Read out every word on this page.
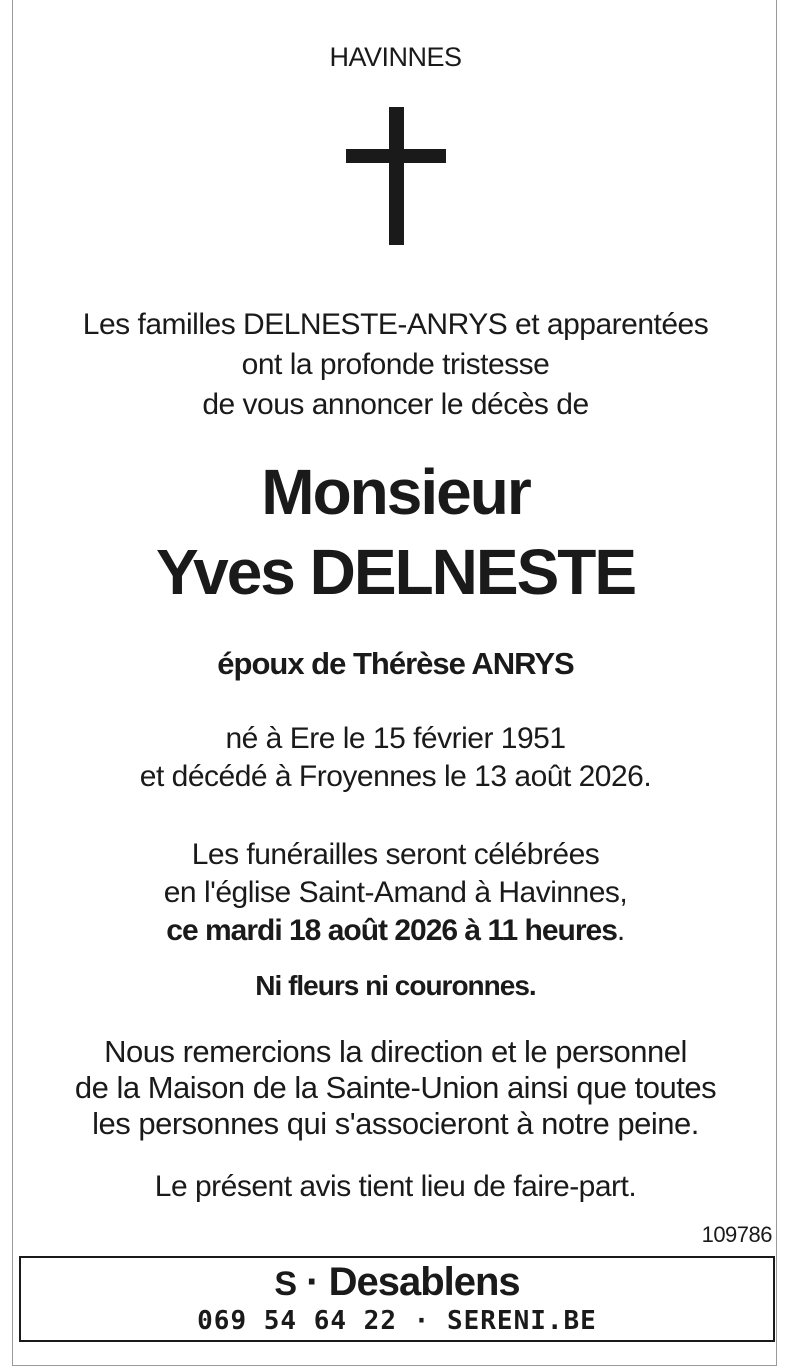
HAVINNES
Les familles DELNESTE-ANRYS et apparentées
ont la profonde tristesse
de vous annoncer le décès de
Monsieur
Yves DELNESTE
époux de Thérèse ANRYS
né à Ere le 15 février 1951
et décédé à Froyennes le 13 août 2026.
Les funérailles seront célébrées
en l'église Saint-Amand à Havinnes,
ce mardi 18 août 2026 à 11 heures.
Ni fleurs ni couronnes.
Nous remercions la direction et le personnel
de la Maison de la Sainte-Union ainsi que toutes
les personnes qui s'associeront à notre peine.
Le présent avis tient lieu de faire-part.
109786
S · Desablens
069 54 64 22 · SERENI.BE
